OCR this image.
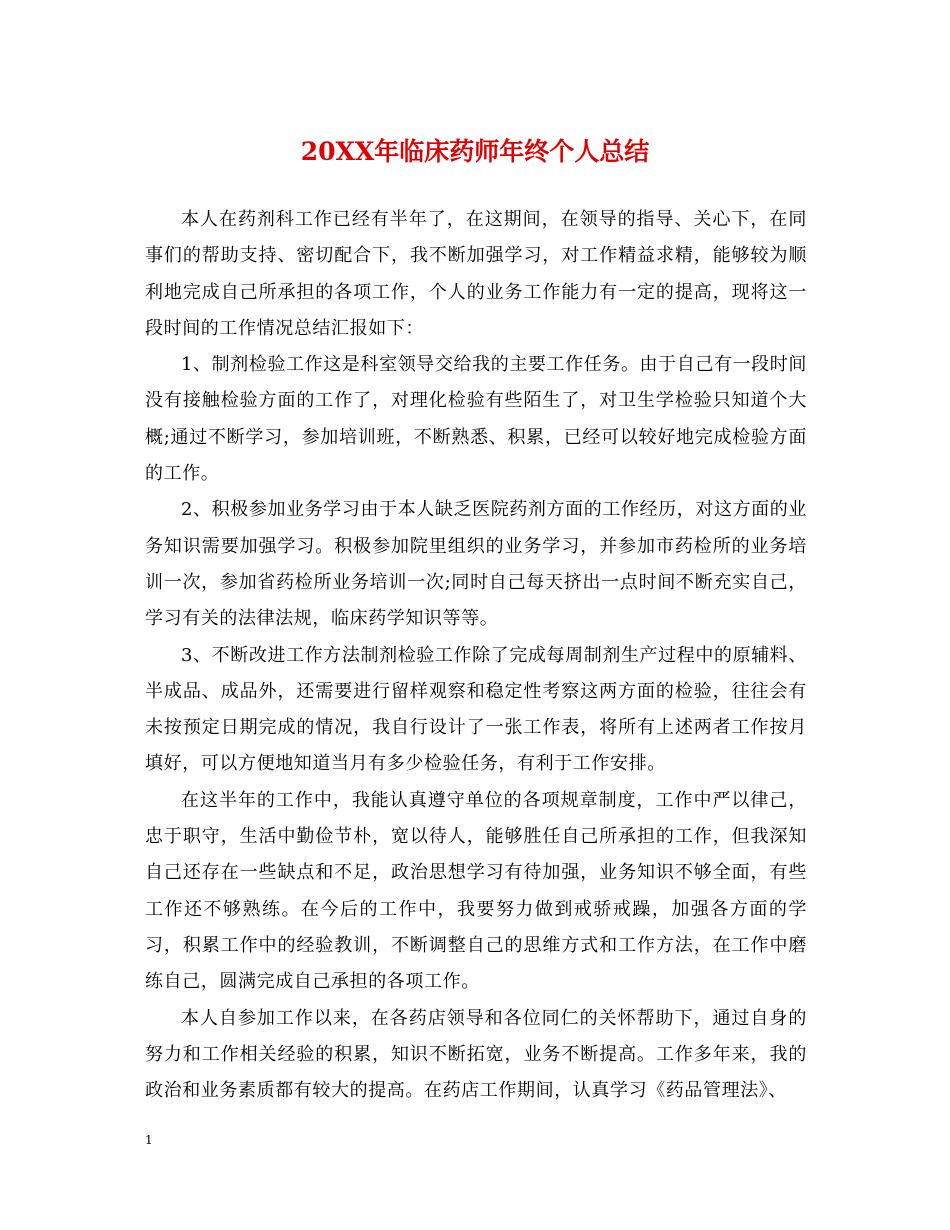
20XX年临床药师年终个人总结

本人在药剂科工作已经有半年了，在这期间，在领导的指导、关心下，在同事们的帮助支持、密切配合下，我不断加强学习，对工作精益求精，能够较为顺利地完成自己所承担的各项工作，个人的业务工作能力有一定的提高，现将这一段时间的工作情况总结汇报如下：

1、制剂检验工作这是科室领导交给我的主要工作任务。由于自己有一段时间没有接触检验方面的工作了，对理化检验有些陌生了，对卫生学检验只知道个大概;通过不断学习，参加培训班，不断熟悉、积累，已经可以较好地完成检验方面的工作。

2、积极参加业务学习由于本人缺乏医院药剂方面的工作经历，对这方面的业务知识需要加强学习。积极参加院里组织的业务学习，并参加市药检所的业务培训一次，参加省药检所业务培训一次;同时自己每天挤出一点时间不断充实自己，学习有关的法律法规，临床药学知识等等。

3、不断改进工作方法制剂检验工作除了完成每周制剂生产过程中的原辅料、半成品、成品外，还需要进行留样观察和稳定性考察这两方面的检验，往往会有未按预定日期完成的情况，我自行设计了一张工作表，将所有上述两者工作按月填好，可以方便地知道当月有多少检验任务，有利于工作安排。

在这半年的工作中，我能认真遵守单位的各项规章制度，工作中严以律己，忠于职守，生活中勤俭节朴，宽以待人，能够胜任自己所承担的工作，但我深知自己还存在一些缺点和不足，政治思想学习有待加强，业务知识不够全面，有些工作还不够熟练。在今后的工作中，我要努力做到戒骄戒躁，加强各方面的学习，积累工作中的经验教训，不断调整自己的思维方式和工作方法，在工作中磨练自己，圆满完成自己承担的各项工作。

本人自参加工作以来，在各药店领导和各位同仁的关怀帮助下，通过自身的努力和工作相关经验的积累，知识不断拓宽，业务不断提高。工作多年来，我的政治和业务素质都有较大的提高。在药店工作期间，认真学习《药品管理法》、

1
